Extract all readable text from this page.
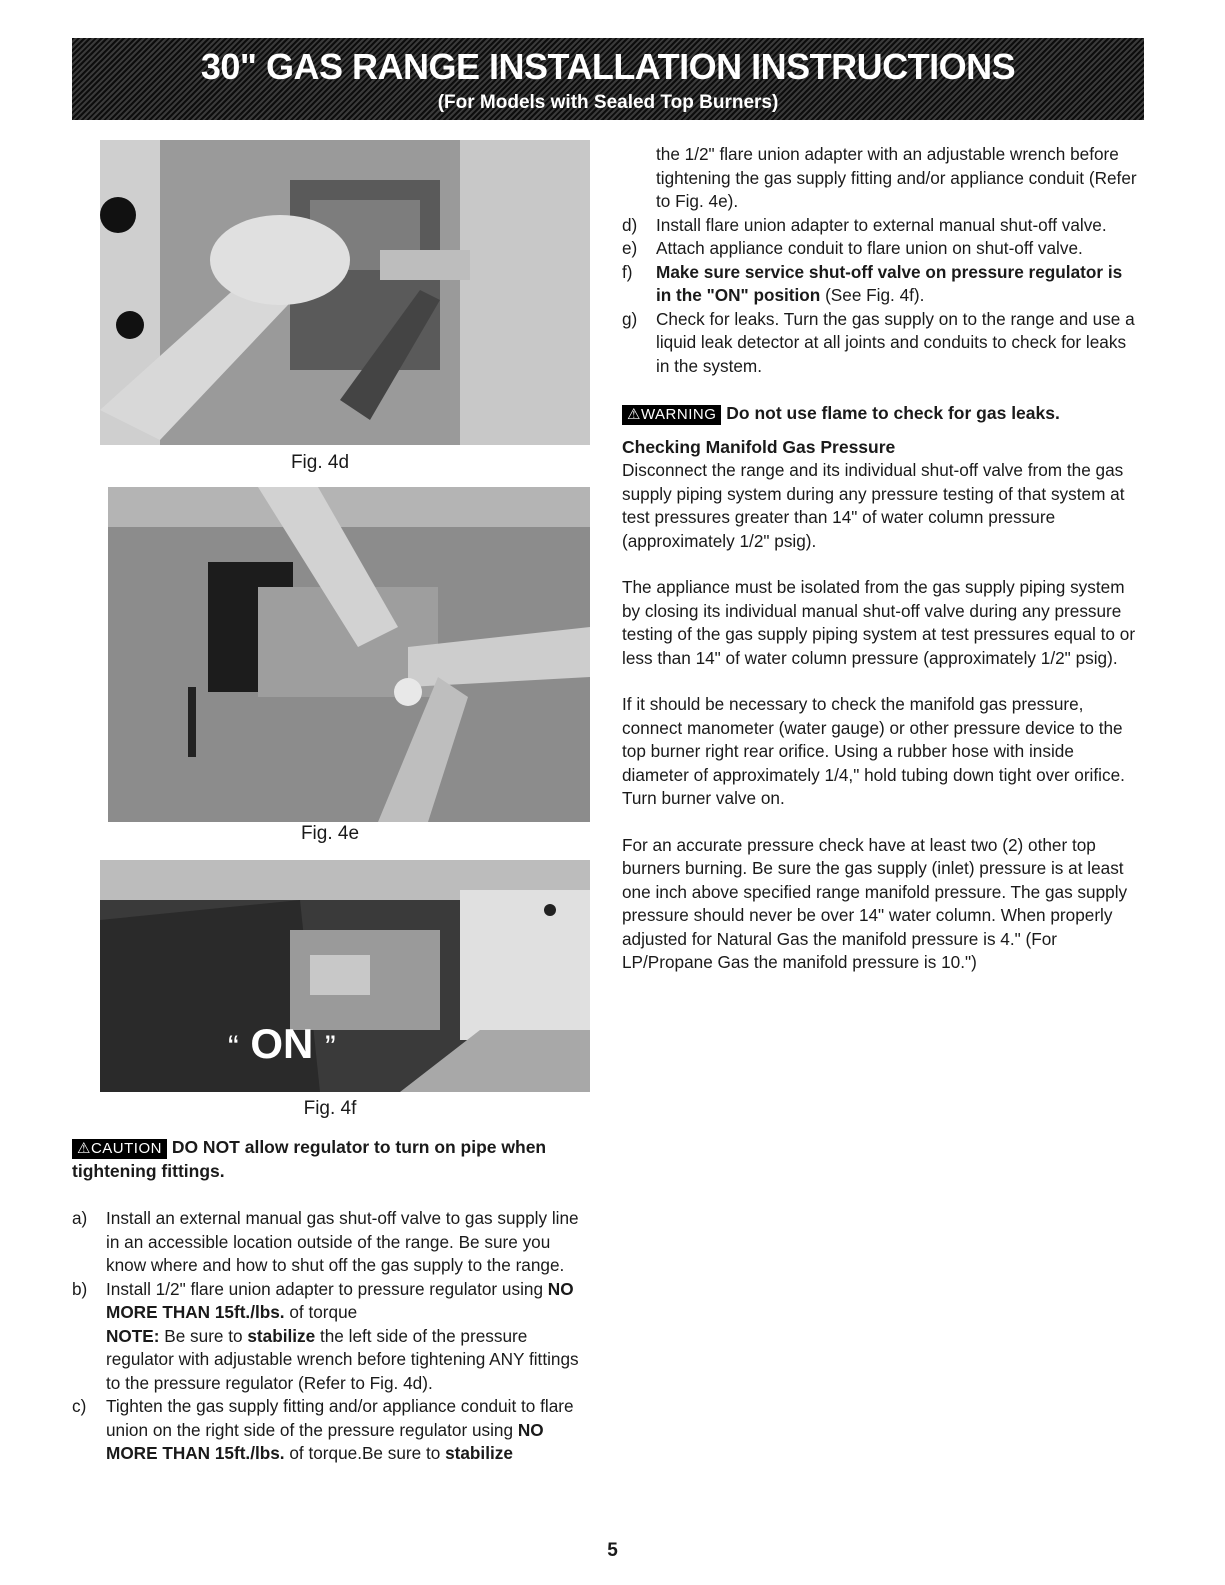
30" GAS RANGE INSTALLATION INSTRUCTIONS
(For Models with Sealed Top Burners)
Fig. 4d
Fig. 4e
“ ON ”
Fig. 4f

⚠CAUTION DO NOT allow regulator to turn on pipe when tightening fittings.

a) Install an external manual gas shut-off valve to gas supply line in an accessible location outside of the range. Be sure you know where and how to shut off the gas supply to the range.
b) Install 1/2" flare union adapter to pressure regulator using NO MORE THAN 15ft./lbs. of torque
NOTE: Be sure to stabilize the left side of the pressure regulator with adjustable wrench before tightening ANY fittings to the pressure regulator (Refer to Fig. 4d).
c) Tighten the gas supply fitting and/or appliance conduit to flare union on the right side of the pressure regulator using NO MORE THAN 15ft./lbs. of torque.Be sure to stabilize
the 1/2" flare union adapter with an adjustable wrench before tightening the gas supply fitting and/or appliance conduit (Refer to Fig. 4e).
d) Install flare union adapter to external manual shut-off valve.
e) Attach appliance conduit to flare union on shut-off valve.
f) Make sure service shut-off valve on pressure regulator is in the "ON" position (See Fig. 4f).
g) Check for leaks. Turn the gas supply on to the range and use a liquid leak detector at all joints and conduits to check for leaks in the system.

⚠WARNING Do not use flame to check for gas leaks.

Checking Manifold Gas Pressure

Disconnect the range and its individual shut-off valve from the gas supply piping system during any pressure testing of that system at test pressures greater than 14" of water column pressure (approximately 1/2" psig).

The appliance must be isolated from the gas supply piping system by closing its individual manual shut-off valve during any pressure testing of the gas supply piping system at test pressures equal to or less than 14" of water column pressure (approximately 1/2" psig).

If it should be necessary to check the manifold gas pressure, connect manometer (water gauge) or other pressure device to the top burner right rear orifice. Using a rubber hose with inside diameter of approximately 1/4," hold tubing down tight over orifice. Turn burner valve on.

For an accurate pressure check have at least two (2) other top burners burning. Be sure the gas supply (inlet) pressure is at least one inch above specified range manifold pressure. The gas supply pressure should never be over 14" water column. When properly adjusted for Natural Gas the manifold pressure is 4." (For LP/Propane Gas the manifold pressure is 10.")

5
